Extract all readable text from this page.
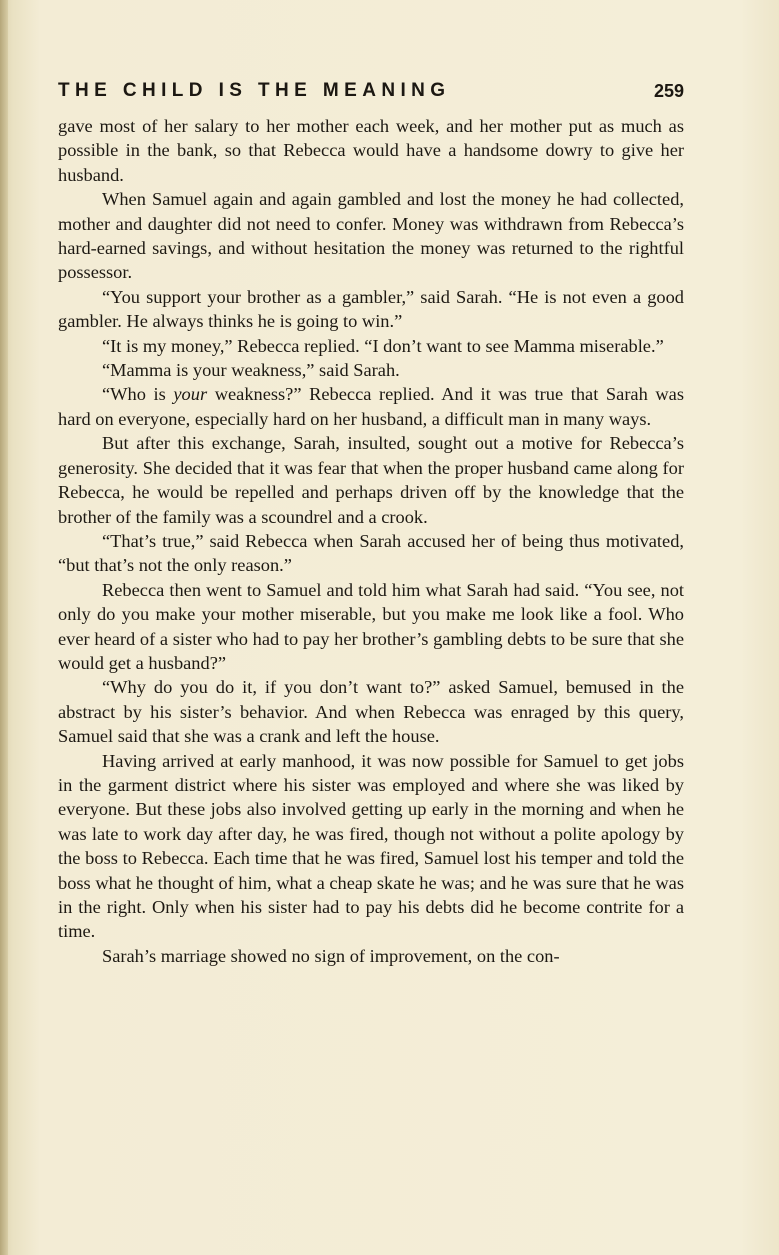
THE CHILD IS THE MEANING	259

gave most of her salary to her mother each week, and her mother put as much as possible in the bank, so that Rebecca would have a handsome dowry to give her husband.

When Samuel again and again gambled and lost the money he had collected, mother and daughter did not need to confer. Money was withdrawn from Rebecca’s hard-earned savings, and without hesitation the money was returned to the rightful possessor.

“You support your brother as a gambler,” said Sarah. “He is not even a good gambler. He always thinks he is going to win.”

“It is my money,” Rebecca replied. “I don’t want to see Mamma miserable.”

“Mamma is your weakness,” said Sarah.

“Who is your weakness?” Rebecca replied. And it was true that Sarah was hard on everyone, especially hard on her husband, a difficult man in many ways.

But after this exchange, Sarah, insulted, sought out a motive for Rebecca’s generosity. She decided that it was fear that when the proper husband came along for Rebecca, he would be repelled and perhaps driven off by the knowledge that the brother of the family was a scoundrel and a crook.

“That’s true,” said Rebecca when Sarah accused her of being thus motivated, “but that’s not the only reason.”

Rebecca then went to Samuel and told him what Sarah had said. “You see, not only do you make your mother miserable, but you make me look like a fool. Who ever heard of a sister who had to pay her brother’s gambling debts to be sure that she would get a husband?”

“Why do you do it, if you don’t want to?” asked Samuel, bemused in the abstract by his sister’s behavior. And when Rebecca was enraged by this query, Samuel said that she was a crank and left the house.

Having arrived at early manhood, it was now possible for Samuel to get jobs in the garment district where his sister was employed and where she was liked by everyone. But these jobs also involved getting up early in the morning and when he was late to work day after day, he was fired, though not without a polite apology by the boss to Rebecca. Each time that he was fired, Samuel lost his temper and told the boss what he thought of him, what a cheap skate he was; and he was sure that he was in the right. Only when his sister had to pay his debts did he become contrite for a time.

Sarah’s marriage showed no sign of improvement, on the con-
